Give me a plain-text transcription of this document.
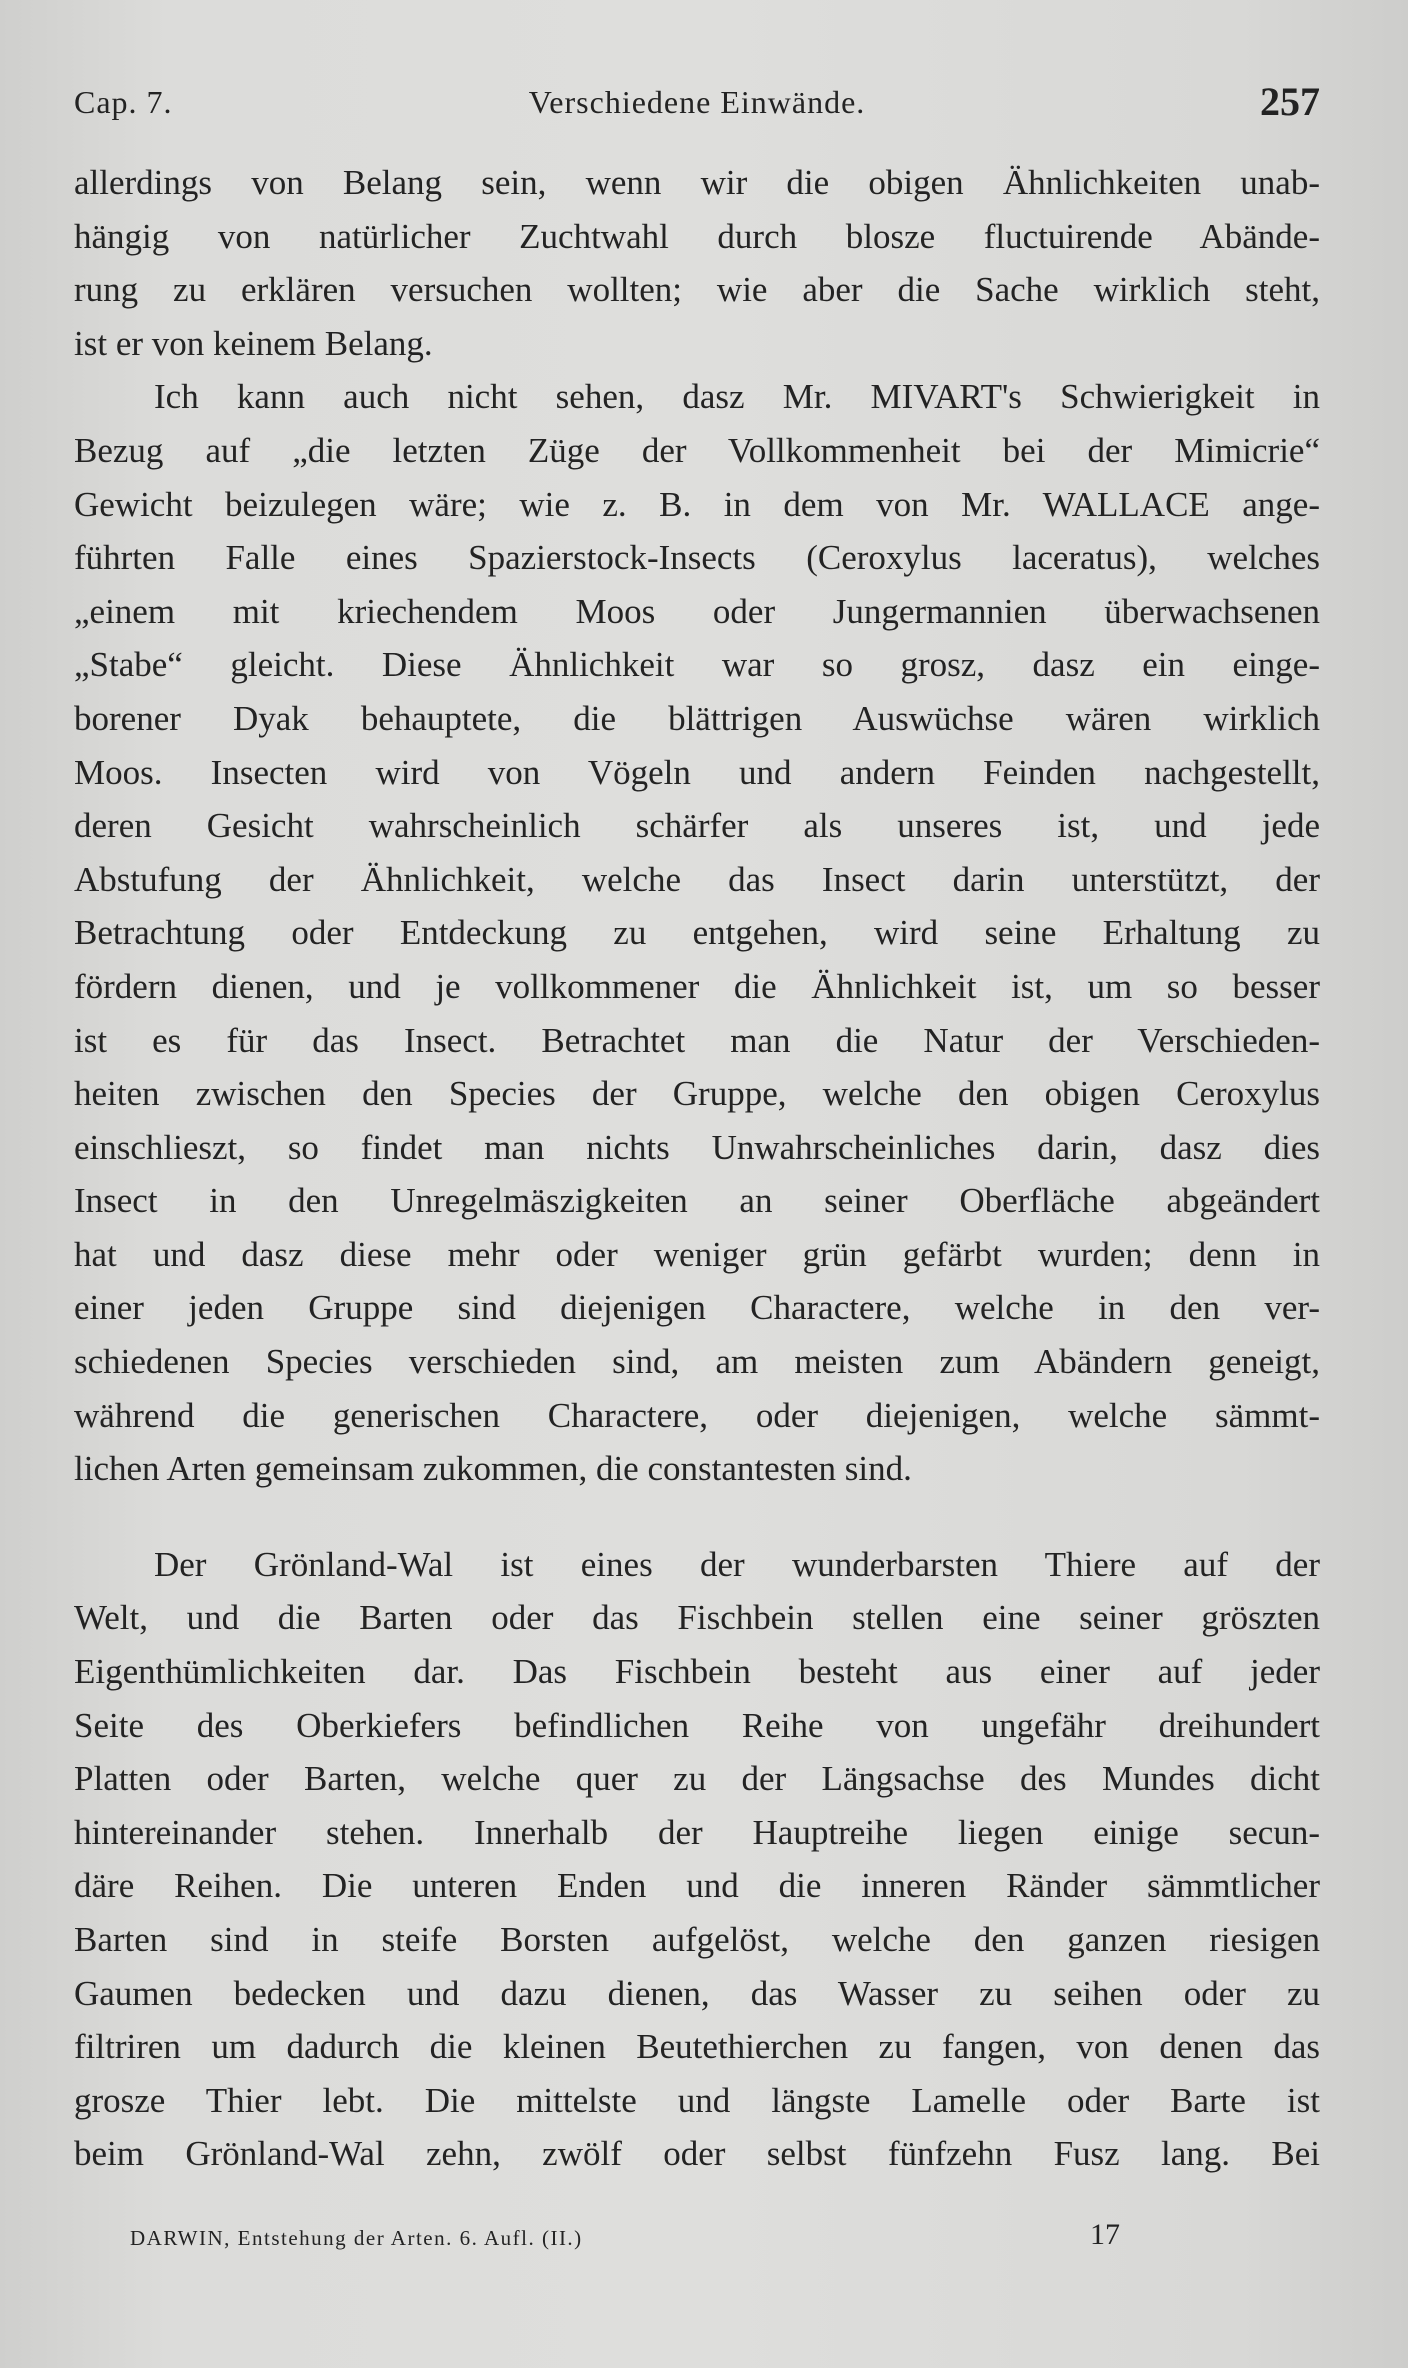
Cap. 7.	Verschiedene Einwände.	257
allerdings von Belang sein, wenn wir die obigen Ähnlichkeiten unab-
hängig von natürlicher Zuchtwahl durch blosze fluctuirende Abände-
rung zu erklären versuchen wollten; wie aber die Sache wirklich steht,
ist er von keinem Belang.
Ich kann auch nicht sehen, dasz Mr. MIVART's Schwierigkeit in
Bezug auf „die letzten Züge der Vollkommenheit bei der Mimicrie“
Gewicht beizulegen wäre; wie z. B. in dem von Mr. WALLACE ange-
führten Falle eines Spazierstock-Insects (Ceroxylus laceratus), welches
„einem mit kriechendem Moos oder Jungermannien überwachsenen
„Stabe“ gleicht. Diese Ähnlichkeit war so grosz, dasz ein einge-
borener Dyak behauptete, die blättrigen Auswüchse wären wirklich
Moos. Insecten wird von Vögeln und andern Feinden nachgestellt,
deren Gesicht wahrscheinlich schärfer als unseres ist, und jede
Abstufung der Ähnlichkeit, welche das Insect darin unterstützt, der
Betrachtung oder Entdeckung zu entgehen, wird seine Erhaltung zu
fördern dienen, und je vollkommener die Ähnlichkeit ist, um so besser
ist es für das Insect. Betrachtet man die Natur der Verschieden-
heiten zwischen den Species der Gruppe, welche den obigen Ceroxylus
einschlieszt, so findet man nichts Unwahrscheinliches darin, dasz dies
Insect in den Unregelmäszigkeiten an seiner Oberfläche abgeändert
hat und dasz diese mehr oder weniger grün gefärbt wurden; denn in
einer jeden Gruppe sind diejenigen Charactere, welche in den ver-
schiedenen Species verschieden sind, am meisten zum Abändern geneigt,
während die generischen Charactere, oder diejenigen, welche sämmt-
lichen Arten gemeinsam zukommen, die constantesten sind.
Der Grönland-Wal ist eines der wunderbarsten Thiere auf der
Welt, und die Barten oder das Fischbein stellen eine seiner gröszten
Eigenthümlichkeiten dar. Das Fischbein besteht aus einer auf jeder
Seite des Oberkiefers befindlichen Reihe von ungefähr dreihundert
Platten oder Barten, welche quer zu der Längsachse des Mundes dicht
hintereinander stehen. Innerhalb der Hauptreihe liegen einige secun-
däre Reihen. Die unteren Enden und die inneren Ränder sämmtlicher
Barten sind in steife Borsten aufgelöst, welche den ganzen riesigen
Gaumen bedecken und dazu dienen, das Wasser zu seihen oder zu
filtriren um dadurch die kleinen Beutethierchen zu fangen, von denen das
grosze Thier lebt. Die mittelste und längste Lamelle oder Barte ist
beim Grönland-Wal zehn, zwölf oder selbst fünfzehn Fusz lang. Bei
DARWIN, Entstehung der Arten. 6. Aufl. (II.)	17
